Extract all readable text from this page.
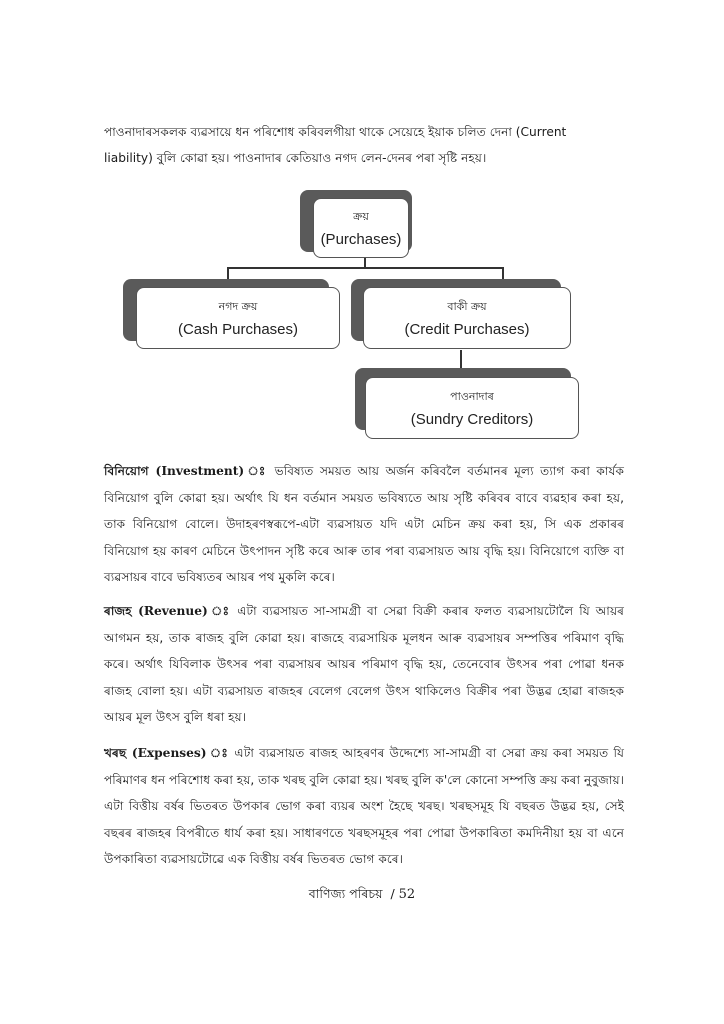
পাওনাদাৰসকলক ব্যৱসায়ে ধন পৰিশোধ কৰিবলগীয়া থাকে সেয়েহে ইয়াক চলিত দেনা (Current
liability) বুলি কোৱা হয়। পাওনাদাৰ কেতিয়াও নগদ লেন-দেনৰ পৰা সৃষ্টি নহয়।

ক্ৰয়
(Purchases)
নগদ ক্ৰয়
(Cash Purchases)
বাকী ক্ৰয়
(Credit Purchases)
পাওনাদাৰ
(Sundry Creditors)

বিনিয়োগ (Investment) ঃ ভবিষ্যত সময়ত আয় অৰ্জন কৰিবলৈ বৰ্তমানৰ মূল্য ত্যাগ কৰা কাৰ্যক বিনিয়োগ বুলি কোৱা হয়। অৰ্থাৎ যি ধন বৰ্তমান সময়ত ভবিষ্যতে আয় সৃষ্টি কৰিবৰ বাবে ব্যৱহাৰ কৰা হয়, তাক বিনিয়োগ বোলে। উদাহৰণস্বৰূপে-এটা ব্যৱসায়ত যদি এটা মেচিন ক্ৰয় কৰা হয়, সি এক প্ৰকাৰৰ বিনিয়োগ হয় কাৰণ মেচিনে উৎপাদন সৃষ্টি কৰে আৰু তাৰ পৰা ব্যৱসায়ত আয় বৃদ্ধি হয়। বিনিয়োগে ব্যক্তি বা ব্যৱসায়ৰ বাবে ভবিষ্যতৰ আয়ৰ পথ মুকলি কৰে।

ৰাজহ (Revenue) ঃ এটা ব্যৱসায়ত সা-সামগ্ৰী বা সেৱা বিক্ৰী কৰাৰ ফলত ব্যৱসায়টোলৈ যি আয়ৰ আগমন হয়, তাক ৰাজহ বুলি কোৱা হয়। ৰাজহে ব্যৱসায়িক মূলধন আৰু ব্যৱসায়ৰ সম্পত্তিৰ পৰিমাণ বৃদ্ধি কৰে। অৰ্থাৎ যিবিলাক উৎসৰ পৰা ব্যৱসায়ৰ আয়ৰ পৰিমাণ বৃদ্ধি হয়, তেনেবোৰ উৎসৰ পৰা পোৱা ধনক ৰাজহ বোলা হয়। এটা ব্যৱসায়ত ৰাজহৰ বেলেগ বেলেগ উৎস থাকিলেও বিক্ৰীৰ পৰা উদ্ভৱ হোৱা ৰাজহক আয়ৰ মূল উৎস বুলি ধৰা হয়।

খৰছ (Expenses) ঃ এটা ব্যৱসায়ত ৰাজহ আহৰণৰ উদ্দেশ্যে সা-সামগ্ৰী বা সেৱা ক্ৰয় কৰা সময়ত যি পৰিমাণৰ ধন পৰিশোধ কৰা হয়, তাক খৰছ বুলি কোৱা হয়। খৰছ বুলি ক'লে কোনো সম্পত্তি ক্ৰয় কৰা নুবুজায়। এটা বিত্তীয় বৰ্ষৰ ভিতৰত উপকাৰ ভোগ কৰা ব্যয়ৰ অংশ হৈছে খৰছ। খৰছসমূহ যি বছৰত উদ্ভৱ হয়, সেই বছৰৰ ৰাজহৰ বিপৰীতে ধাৰ্য কৰা হয়। সাধাৰণতে খৰছসমূহৰ পৰা পোৱা উপকাৰিতা কমদিনীয়া হয় বা এনে উপকাৰিতা ব্যৱসায়টোৱে এক বিত্তীয় বৰ্ষৰ ভিতৰত ভোগ কৰে।

বাণিজ্য পৰিচয় / 52
